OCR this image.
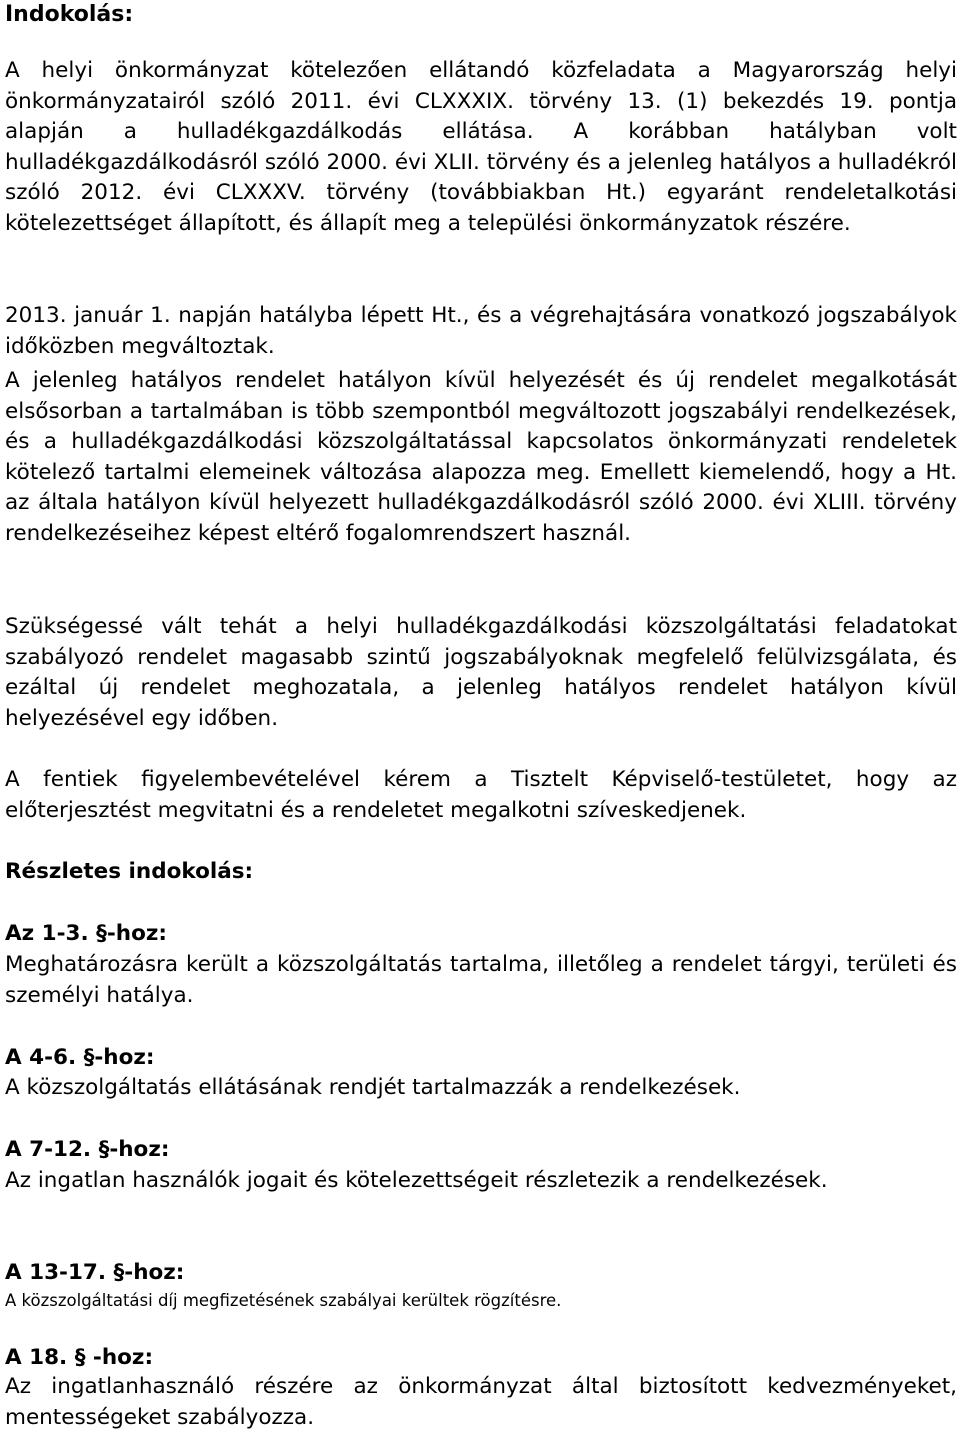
Indokolás:

A helyi önkormányzat kötelezően ellátandó közfeladata a Magyarország helyi önkormányzatairól szóló 2011. évi CLXXXIX. törvény 13. (1) bekezdés 19. pontja alapján a hulladékgazdálkodás ellátása. A korábban hatályban volt hulladékgazdálkodásról szóló 2000. évi XLII. törvény és a jelenleg hatályos a hulladékról szóló 2012. évi CLXXXV. törvény (továbbiakban Ht.) egyaránt rendeletalkotási kötelezettséget állapított, és állapít meg a települési önkormányzatok részére.

2013. január 1. napján hatályba lépett Ht., és a végrehajtására vonatkozó jogszabályok időközben megváltoztak.

A jelenleg hatályos rendelet hatályon kívül helyezését és új rendelet megalkotását elsősorban a tartalmában is több szempontból megváltozott jogszabályi rendelkezések, és a hulladékgazdálkodási közszolgáltatással kapcsolatos önkormányzati rendeletek kötelező tartalmi elemeinek változása alapozza meg. Emellett kiemelendő, hogy a Ht. az általa hatályon kívül helyezett hulladékgazdálkodásról szóló 2000. évi XLIII. törvény rendelkezéseihez képest eltérő fogalomrendszert használ.

Szükségessé vált tehát a helyi hulladékgazdálkodási közszolgáltatási feladatokat szabályozó rendelet magasabb szintű jogszabályoknak megfelelő felülvizsgálata, és ezáltal új rendelet meghozatala, a jelenleg hatályos rendelet hatályon kívül helyezésével egy időben.

A fentiek figyelembevételével kérem a Tisztelt Képviselő-testületet, hogy az előterjesztést megvitatni és a rendeletet megalkotni szíveskedjenek.

Részletes indokolás:
Az 1-3. §-hoz:

Meghatározásra került a közszolgáltatás tartalma, illetőleg a rendelet tárgyi, területi és személyi hatálya.

A 4-6. §-hoz:

A közszolgáltatás ellátásának rendjét tartalmazzák a rendelkezések.

A 7-12. §-hoz:

Az ingatlan használók jogait és kötelezettségeit részletezik a rendelkezések.

A 13-17. §-hoz:

A közszolgáltatási díj megfizetésének szabályai kerültek rögzítésre.

A 18. § -hoz:

Az ingatlanhasználó részére az önkormányzat által biztosított kedvezményeket, mentességeket szabályozza.
